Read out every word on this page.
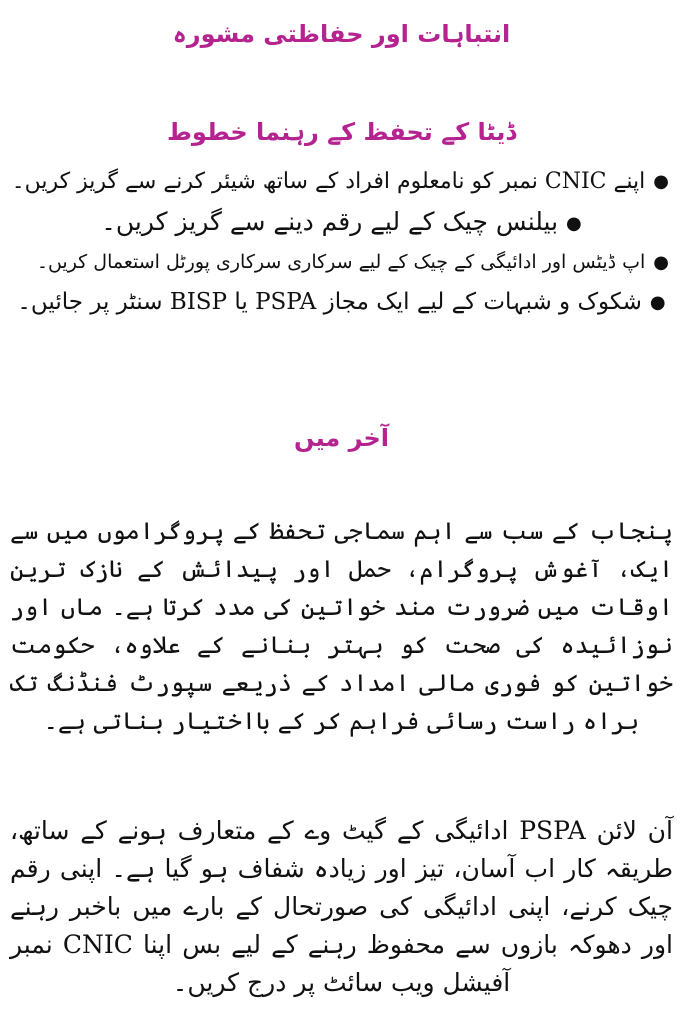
انتباہات اور حفاظتی مشورہ
ڈیٹا کے تحفظ کے رہنما خطوط
●اپنے CNIC نمبر کو نامعلوم افراد کے ساتھ شیئر کرنے سے گریز کریں۔
●بیلنس چیک کے لیے رقم دینے سے گریز کریں۔
●اپ ڈیٹس اور ادائیگی کے چیک کے لیے سرکاری سرکاری پورٹل استعمال کریں۔
●شکوک و شبہات کے لیے ایک مجاز PSPA یا BISP سنٹر پر جائیں۔
آخر میں

پنجاب کے سب سے اہم سماجی تحفظ کے پروگراموں میں سے ایک، آغوش پروگرام، حمل اور پیدائش کے نازک ترین اوقات میں ضرورت مند خواتین کی مدد کرتا ہے۔ ماں اور نوزائیدہ کی صحت کو بہتر بنانے کے علاوہ، حکومت خواتین کو فوری مالی امداد کے ذریعے سپورٹ فنڈنگ تک براہ راست رسائی فراہم کر کے بااختیار بناتی ہے۔

آن لائن PSPA ادائیگی کے گیٹ وے کے متعارف ہونے کے ساتھ، طریقہ کار اب آسان، تیز اور زیادہ شفاف ہو گیا ہے۔ اپنی رقم چیک کرنے، اپنی ادائیگی کی صورتحال کے بارے میں باخبر رہنے اور دھوکہ بازوں سے محفوظ رہنے کے لیے بس اپنا CNIC نمبر آفیشل ویب سائٹ پر درج کریں۔
